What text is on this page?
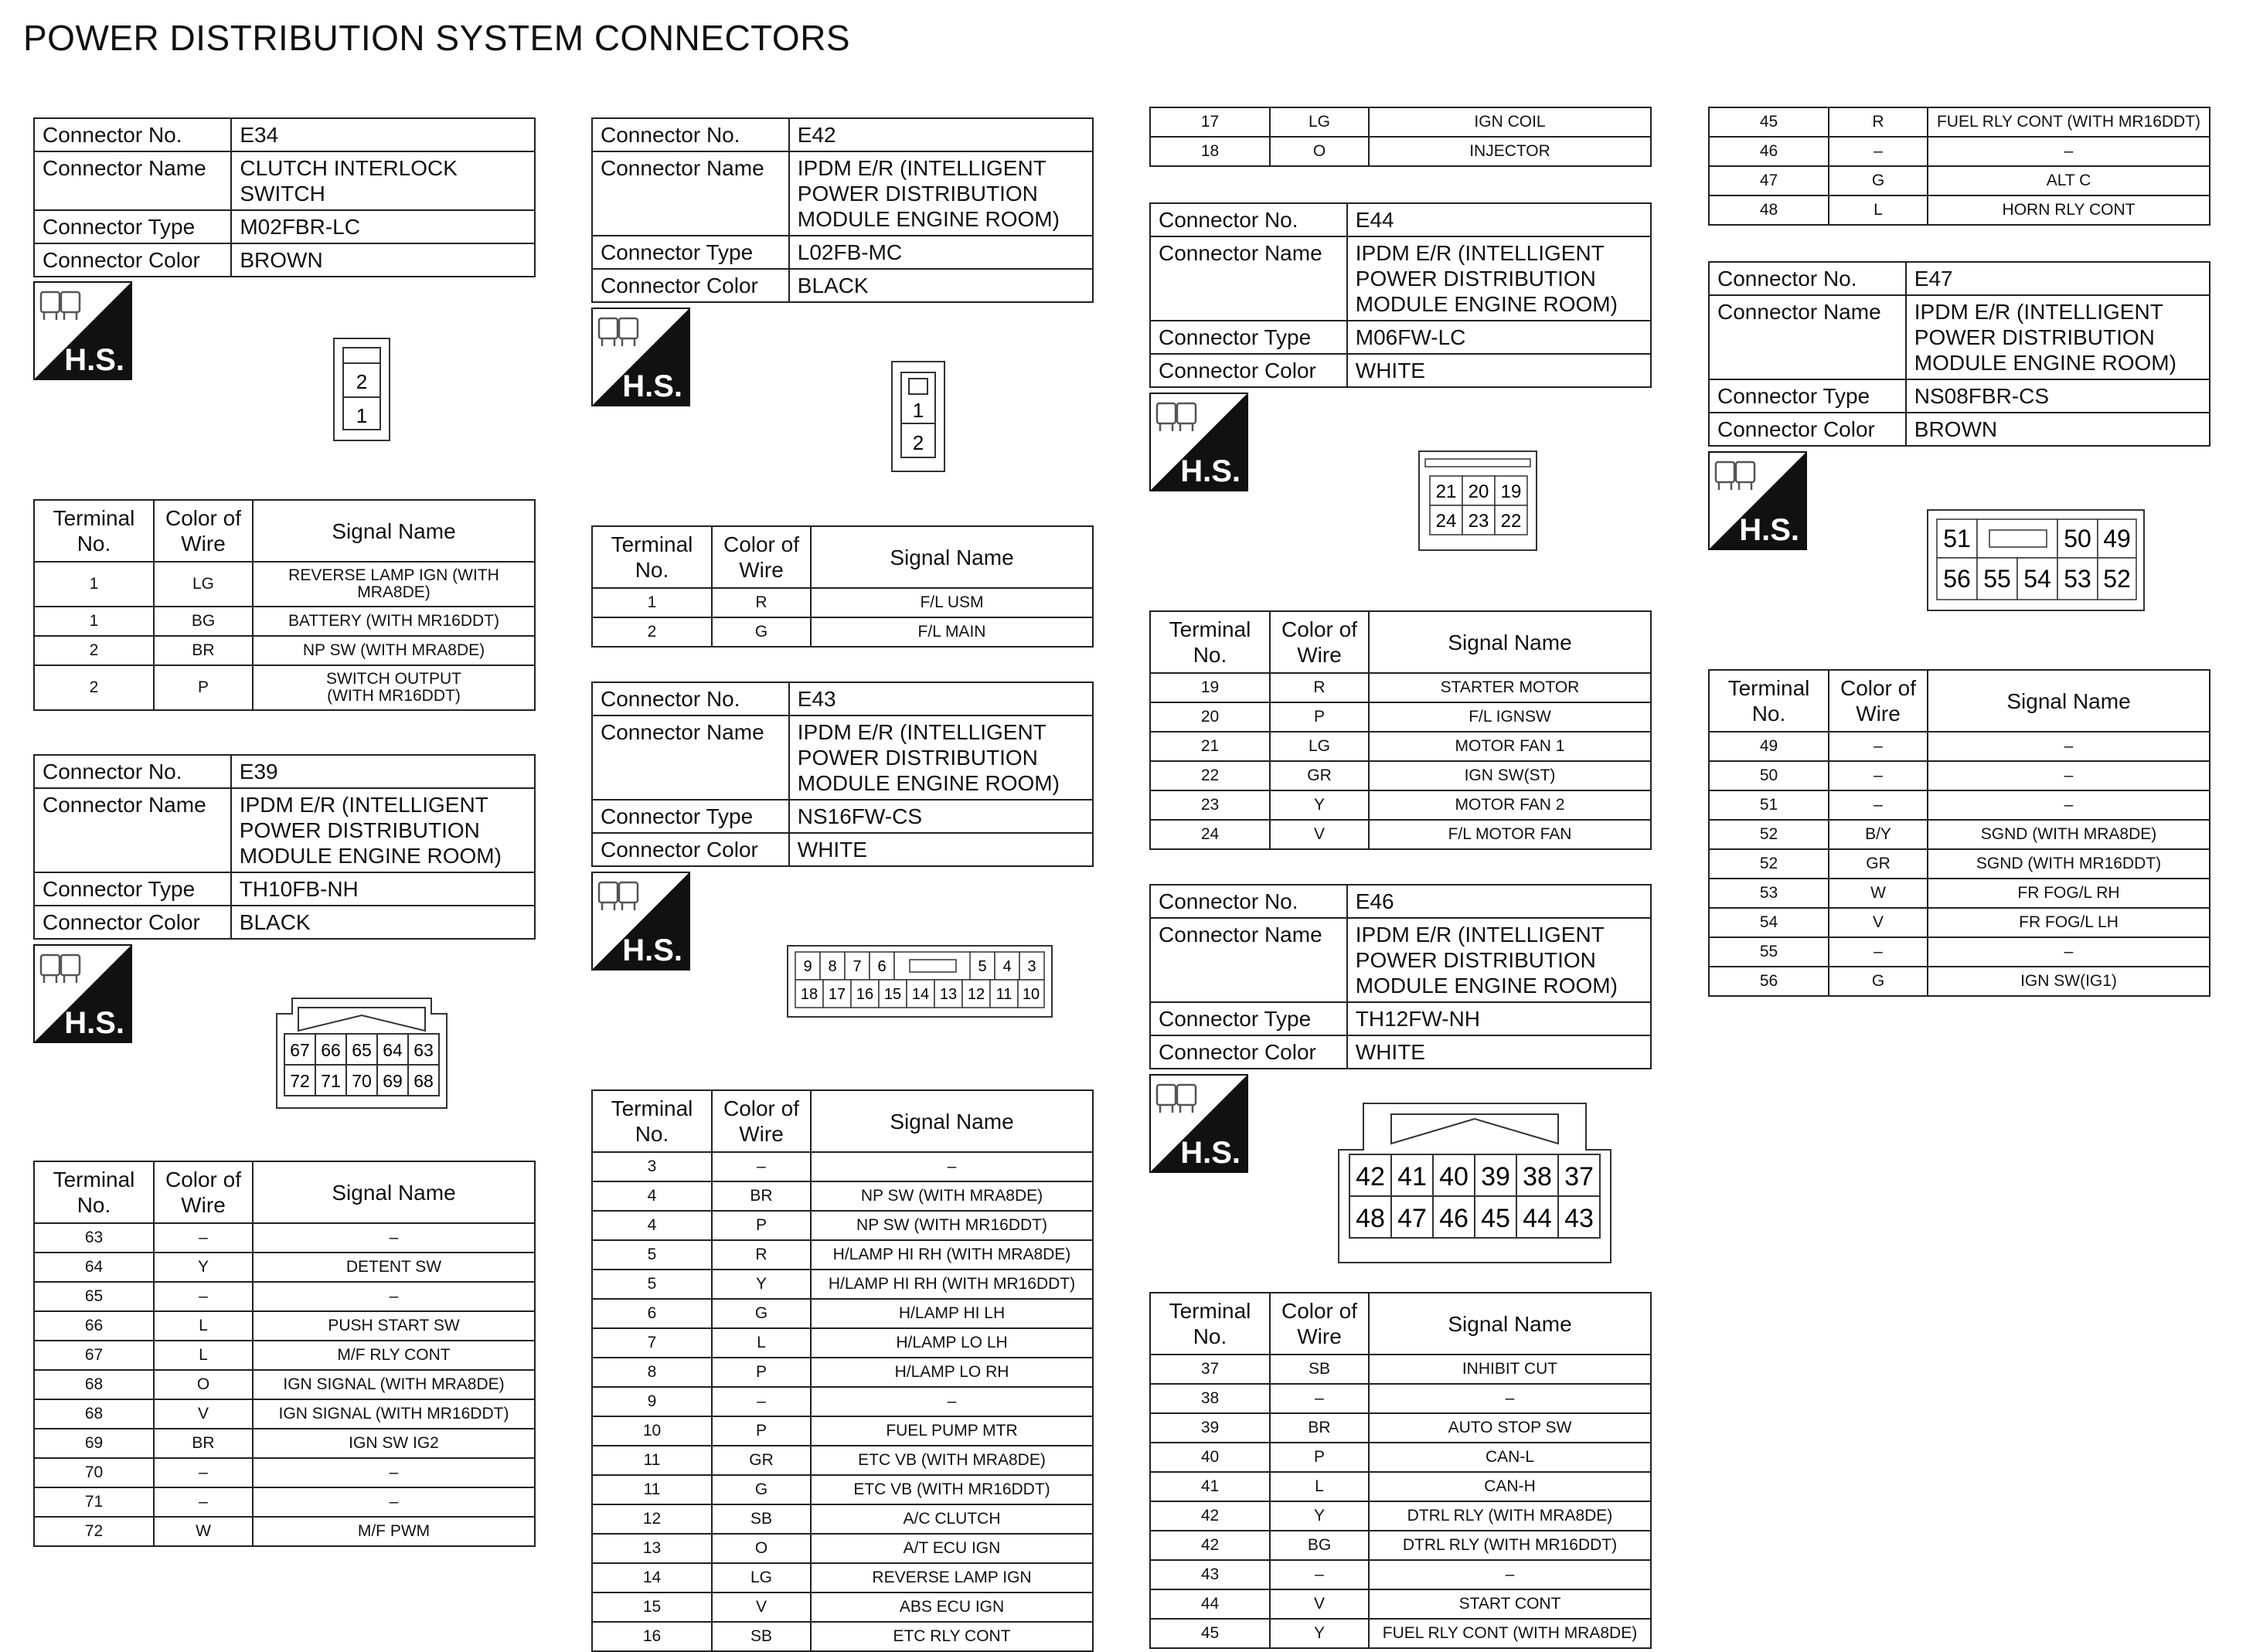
POWER DISTRIBUTION SYSTEM CONNECTORS
Connector No.	E34
Connector Name	CLUTCH INTERLOCK SWITCH
Connector Type	M02FBR-LC
Connector Color	BROWN
H.S.
2
1
Terminal No.	Color of Wire	Signal Name
1	LG	REVERSE LAMP IGN (WITH MRA8DE)
1	BG	BATTERY (WITH MR16DDT)
2	BR	NP SW (WITH MRA8DE)
2	P	SWITCH OUTPUT (WITH MR16DDT)
Connector No.	E39
Connector Name	IPDM E/R (INTELLIGENT POWER DISTRIBUTION MODULE ENGINE ROOM)
Connector Type	TH10FB-NH
Connector Color	BLACK
H.S.
67 66 65 64 63
72 71 70 69 68
Terminal No.	Color of Wire	Signal Name
63	–	–
64	Y	DETENT SW
65	–	–
66	L	PUSH START SW
67	L	M/F RLY CONT
68	O	IGN SIGNAL (WITH MRA8DE)
68	V	IGN SIGNAL (WITH MR16DDT)
69	BR	IGN SW IG2
70	–	–
71	–	–
72	W	M/F PWM
Connector No.	E42
Connector Name	IPDM E/R (INTELLIGENT POWER DISTRIBUTION MODULE ENGINE ROOM)
Connector Type	L02FB-MC
Connector Color	BLACK
H.S.
1
2
Terminal No.	Color of Wire	Signal Name
1	R	F/L USM
2	G	F/L MAIN
Connector No.	E43
Connector Name	IPDM E/R (INTELLIGENT POWER DISTRIBUTION MODULE ENGINE ROOM)
Connector Type	NS16FW-CS
Connector Color	WHITE
H.S.	9 8 7 6	5 4 3
18 17 16 15 14 13 12 11 10
Terminal No.	Color of Wire	Signal Name
3	–	–
4	BR	NP SW (WITH MRA8DE)
4	P	NP SW (WITH MR16DDT)
5	R	H/LAMP HI RH (WITH MRA8DE)
5	Y	H/LAMP HI RH (WITH MR16DDT)
6	G	H/LAMP HI LH
7	L	H/LAMP LO LH
8	P	H/LAMP LO RH
9	–	–
10	P	FUEL PUMP MTR
11	GR	ETC VB (WITH MRA8DE)
11	G	ETC VB (WITH MR16DDT)
12	SB	A/C CLUTCH
13	O	A/T ECU IGN
14	LG	REVERSE LAMP IGN
15	V	ABS ECU IGN
16	SB	ETC RLY CONT
17	LG	IGN COIL
18	O	INJECTOR
Connector No.	E44
Connector Name	IPDM E/R (INTELLIGENT POWER DISTRIBUTION MODULE ENGINE ROOM)
Connector Type	M06FW-LC
Connector Color	WHITE
H.S.
21 20 19
24 23 22
Terminal No.	Color of Wire	Signal Name
19	R	STARTER MOTOR
20	P	F/L IGNSW
21	LG	MOTOR FAN 1
22	GR	IGN SW(ST)
23	Y	MOTOR FAN 2
24	V	F/L MOTOR FAN
Connector No.	E46
Connector Name	IPDM E/R (INTELLIGENT POWER DISTRIBUTION MODULE ENGINE ROOM)
Connector Type	TH12FW-NH
Connector Color	WHITE
H.S.
42 41 40 39 38 37
48 47 46 45 44 43
Terminal No.	Color of Wire	Signal Name
37	SB	INHIBIT CUT
38	–	–
39	BR	AUTO STOP SW
40	P	CAN-L
41	L	CAN-H
42	Y	DTRL RLY (WITH MRA8DE)
42	BG	DTRL RLY (WITH MR16DDT)
43	–	–
44	V	START CONT
45	Y	FUEL RLY CONT (WITH MRA8DE)
45	R	FUEL RLY CONT (WITH MR16DDT)
46	–	–
47	G	ALT C
48	L	HORN RLY CONT
Connector No.	E47
Connector Name	IPDM E/R (INTELLIGENT POWER DISTRIBUTION MODULE ENGINE ROOM)
Connector Type	NS08FBR-CS
Connector Color	BROWN
H.S.	51	50 49
56 55 54 53 52
Terminal No.	Color of Wire	Signal Name
49	–	–
50	–	–
51	–	–
52	B/Y	SGND (WITH MRA8DE)
52	GR	SGND (WITH MR16DDT)
53	W	FR FOG/L RH
54	V	FR FOG/L LH
55	–	–
56	G	IGN SW(IG1)
